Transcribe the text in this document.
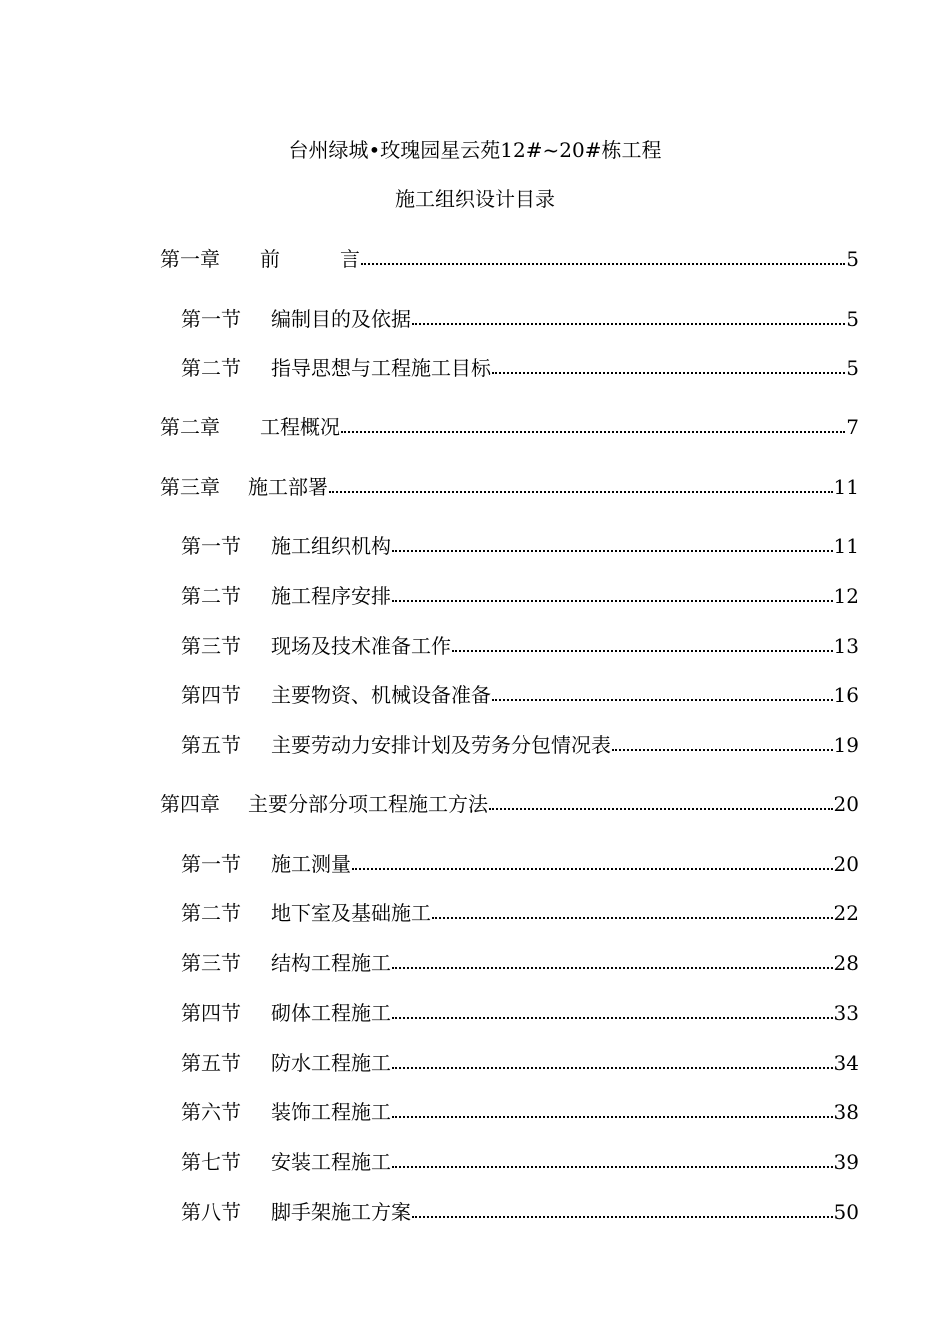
台州绿城•玫瑰园星云苑12#~20#栋工程
施工组织设计目录
第一章	前　　　言	5
第一节	编制目的及依据	5
第二节	指导思想与工程施工目标	5
第二章	工程概况	7
第三章	施工部署	11
第一节	施工组织机构	11
第二节	施工程序安排	12
第三节	现场及技术准备工作	13
第四节	主要物资、机械设备准备	16
第五节	主要劳动力安排计划及劳务分包情况表	19
第四章	主要分部分项工程施工方法	20
第一节	施工测量	20
第二节	地下室及基础施工	22
第三节	结构工程施工	28
第四节	砌体工程施工	33
第五节	防水工程施工	34
第六节	装饰工程施工	38
第七节	安装工程施工	39
第八节	脚手架施工方案	50
